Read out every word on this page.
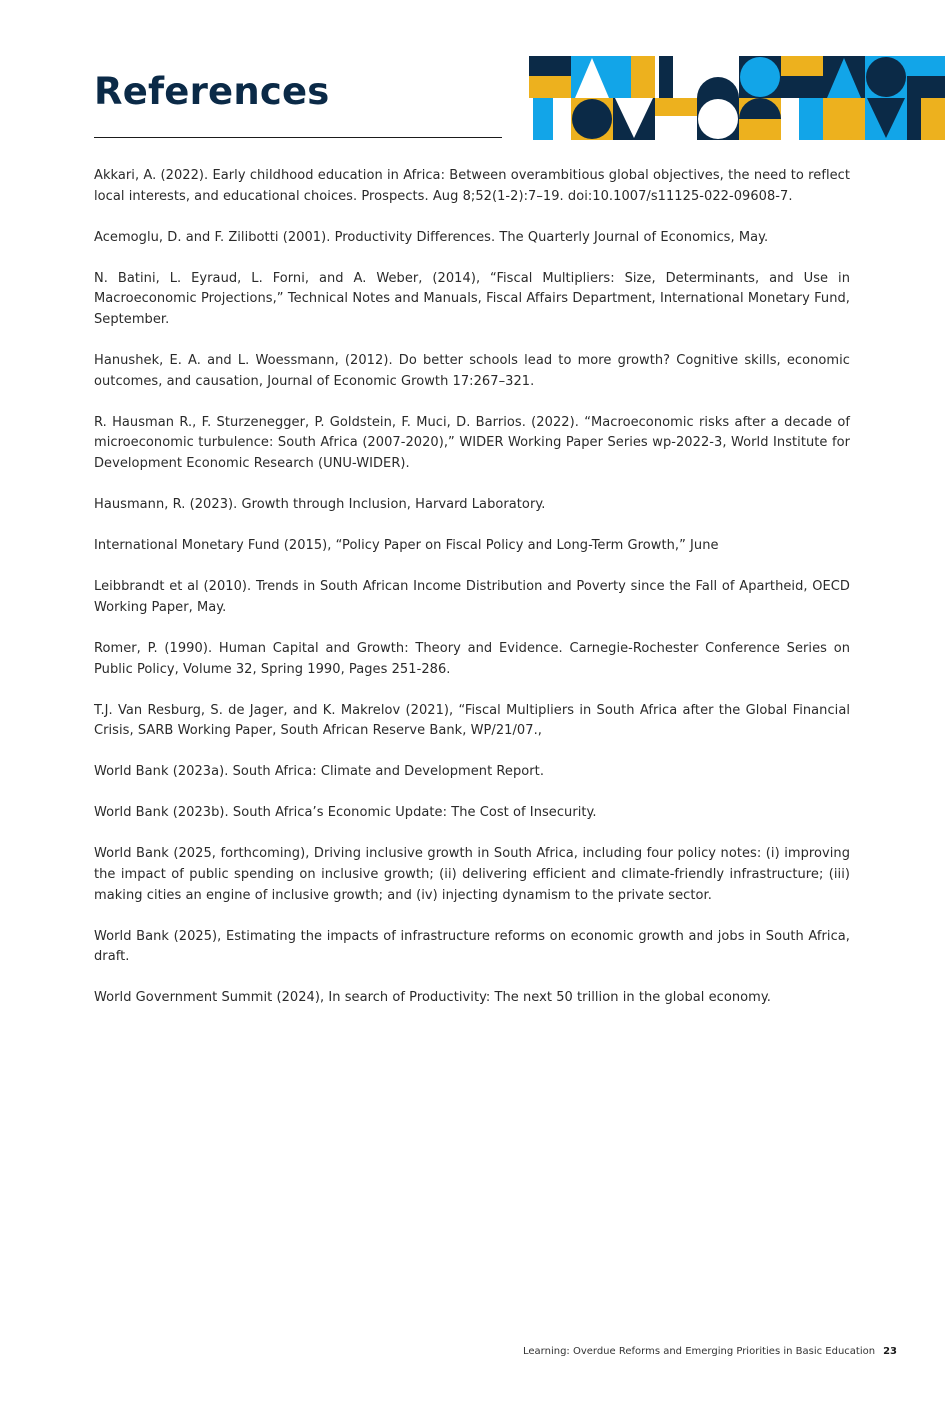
References
Akkari, A. (2022). Early childhood education in Africa: Between overambitious global objectives, the need to reflect local interests, and educational choices. Prospects. Aug 8;52(1-2):7–19. doi:10.1007/s11125-022-09608-7.
Acemoglu, D. and F. Zilibotti (2001). Productivity Differences. The Quarterly Journal of Economics, May.
N. Batini, L. Eyraud, L. Forni, and A. Weber, (2014), “Fiscal Multipliers: Size, Determinants, and Use in Macroeconomic Projections,” Technical Notes and Manuals, Fiscal Affairs Department, International Monetary Fund, September.
Hanushek, E. A. and L. Woessmann, (2012). Do better schools lead to more growth? Cognitive skills, economic outcomes, and causation, Journal of Economic Growth 17:267–321.
R. Hausman R., F. Sturzenegger, P. Goldstein, F. Muci, D. Barrios. (2022). “Macroeconomic risks after a decade of microeconomic turbulence: South Africa (2007-2020),” WIDER Working Paper Series wp-2022-3, World Institute for Development Economic Research (UNU-WIDER).
Hausmann, R. (2023). Growth through Inclusion, Harvard Laboratory.
International Monetary Fund (2015), “Policy Paper on Fiscal Policy and Long-Term Growth,” June
Leibbrandt et al (2010). Trends in South African Income Distribution and Poverty since the Fall of Apartheid, OECD Working Paper, May.
Romer, P. (1990). Human Capital and Growth: Theory and Evidence. Carnegie-Rochester Conference Series on Public Policy, Volume 32, Spring 1990, Pages 251-286.
T.J. Van Resburg, S. de Jager, and K. Makrelov (2021), “Fiscal Multipliers in South Africa after the Global Financial Crisis, SARB Working Paper, South African Reserve Bank, WP/21/07.,
World Bank (2023a). South Africa: Climate and Development Report.
World Bank (2023b). South Africa’s Economic Update: The Cost of Insecurity.
World Bank (2025, forthcoming), Driving inclusive growth in South Africa, including four policy notes: (i) improving the impact of public spending on inclusive growth; (ii) delivering efficient and climate-friendly infrastructure; (iii) making cities an engine of inclusive growth; and (iv) injecting dynamism to the private sector.
World Bank (2025), Estimating the impacts of infrastructure reforms on economic growth and jobs in South Africa, draft.
World Government Summit (2024), In search of Productivity: The next 50 trillion in the global economy.
Learning: Overdue Reforms and Emerging Priorities in Basic Education 23
